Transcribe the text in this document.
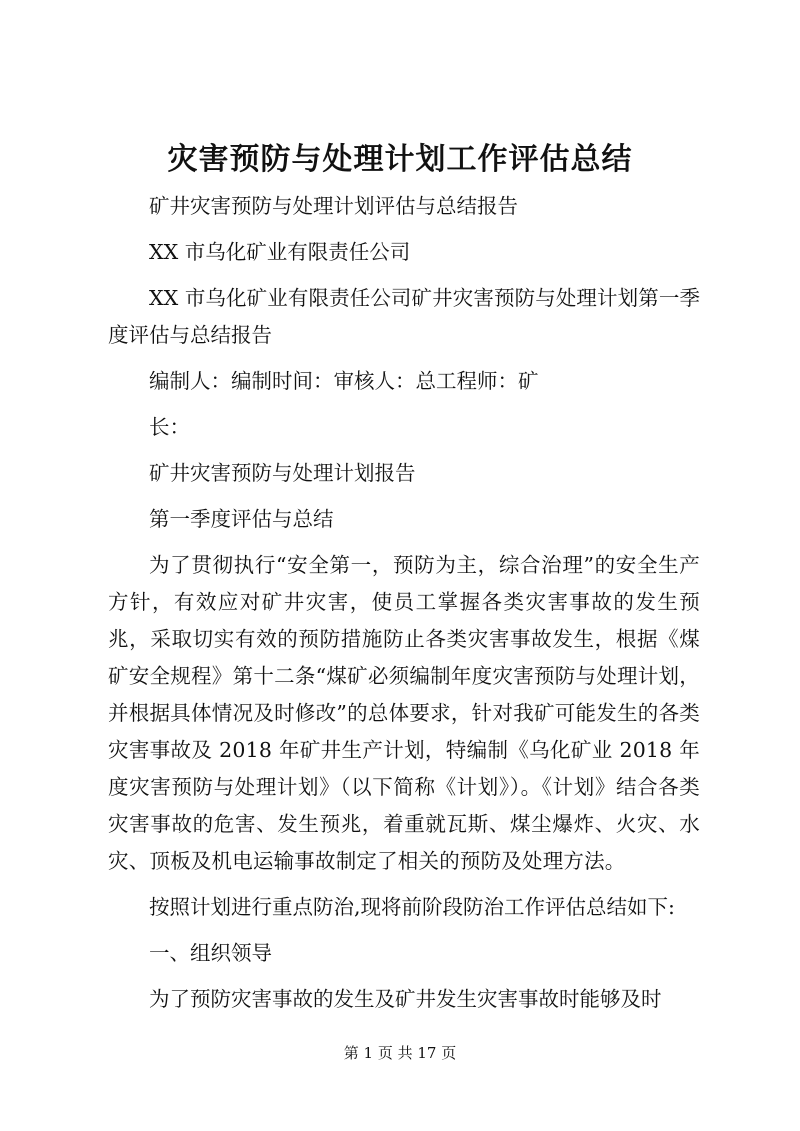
灾害预防与处理计划工作评估总结

矿井灾害预防与处理计划评估与总结报告

XX 市乌化矿业有限责任公司

XX 市乌化矿业有限责任公司矿井灾害预防与处理计划第一季度评估与总结报告

编制人：编制时间：审核人：总工程师：矿

长：

矿井灾害预防与处理计划报告

第一季度评估与总结

为了贯彻执行“安全第一，预防为主，综合治理”的安全生产方针，有效应对矿井灾害，使员工掌握各类灾害事故的发生预兆，采取切实有效的预防措施防止各类灾害事故发生，根据《煤矿安全规程》第十二条“煤矿必须编制年度灾害预防与处理计划，并根据具体情况及时修改”的总体要求，针对我矿可能发生的各类灾害事故及 2018 年矿井生产计划，特编制《乌化矿业 2018 年度灾害预防与处理计划》（以下简称《计划》）。《计划》结合各类灾害事故的危害、发生预兆，着重就瓦斯、煤尘爆炸、火灾、水灾、顶板及机电运输事故制定了相关的预防及处理方法。

按照计划进行重点防治,现将前阶段防治工作评估总结如下:

一、组织领导

为了预防灾害事故的发生及矿井发生灾害事故时能够及时

第 1 页 共 17 页
